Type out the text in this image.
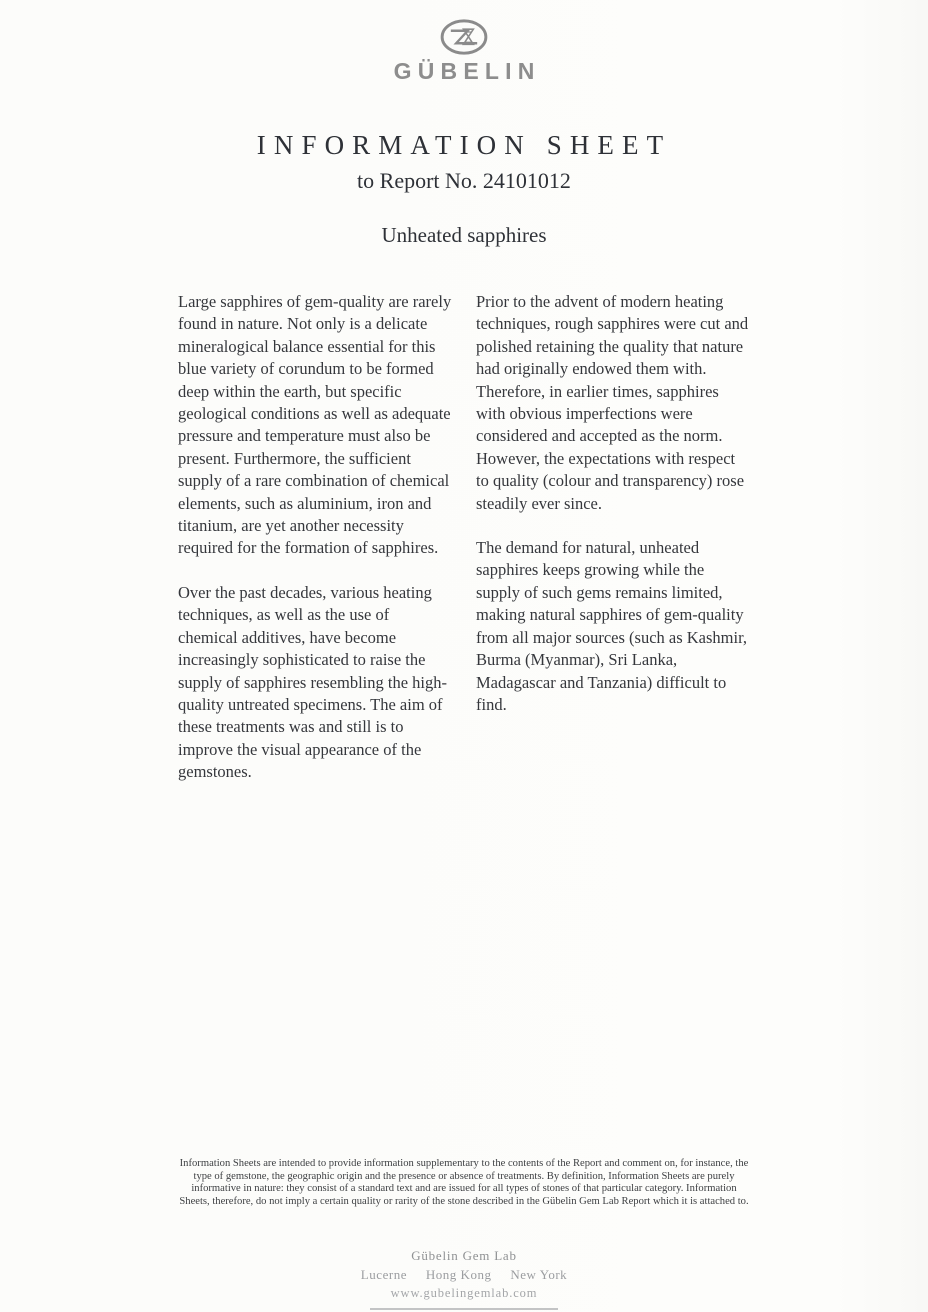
GÜBELIN
INFORMATION SHEET
to Report No. 24101012
Unheated sapphires

Large sapphires of gem-quality are rarely found in nature. Not only is a delicate mineralogical balance essential for this blue variety of corundum to be formed deep within the earth, but specific geological conditions as well as adequate pressure and temperature must also be present. Furthermore, the sufficient supply of a rare combination of chemical elements, such as aluminium, iron and titanium, are yet another necessity required for the formation of sapphires.

Over the past decades, various heating techniques, as well as the use of chemical additives, have become increasingly sophisticated to raise the supply of sapphires resembling the high-quality untreated specimens. The aim of these treatments was and still is to improve the visual appearance of the gemstones.

Prior to the advent of modern heating techniques, rough sapphires were cut and polished retaining the quality that nature had originally endowed them with. Therefore, in earlier times, sapphires with obvious imperfections were considered and accepted as the norm. However, the expectations with respect to quality (colour and transparency) rose steadily ever since.

The demand for natural, unheated sapphires keeps growing while the supply of such gems remains limited, making natural sapphires of gem-quality from all major sources (such as Kashmir, Burma (Myanmar), Sri Lanka, Madagascar and Tanzania) difficult to find.

Information Sheets are intended to provide information supplementary to the contents of the Report and comment on, for instance, the type of gemstone, the geographic origin and the presence or absence of treatments. By definition, Information Sheets are purely informative in nature: they consist of a standard text and are issued for all types of stones of that particular category. Information Sheets, therefore, do not imply a certain quality or rarity of the stone described in the Gübelin Gem Lab Report which it is attached to.
Gübelin Gem Lab
Lucerne Hong Kong New York
www.gubelingemlab.com
